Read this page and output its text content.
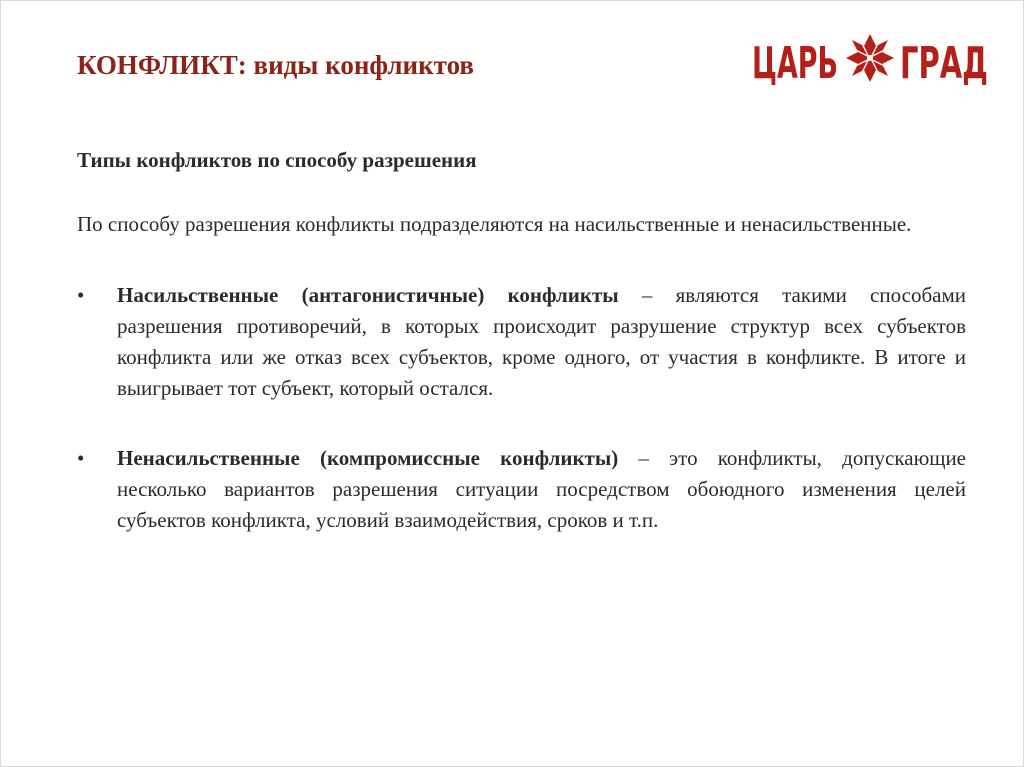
КОНФЛИКТ: виды конфликтов	ЦАРЬ ГРАД

Типы конфликтов по способу разрешения

По способу разрешения конфликты подразделяются на насильственные и ненасильственные.

• Насильственные (антагонистичные) конфликты – являются такими способами разрешения противоречий, в которых происходит разрушение структур всех субъектов конфликта или же отказ всех субъектов, кроме одного, от участия в конфликте. В итоге и выигрывает тот субъект, который остался.
• Ненасильственные (компромиссные конфликты) – это конфликты, допускающие несколько вариантов разрешения ситуации посредством обоюдного изменения целей субъектов конфликта, условий взаимодействия, сроков и т.п.
